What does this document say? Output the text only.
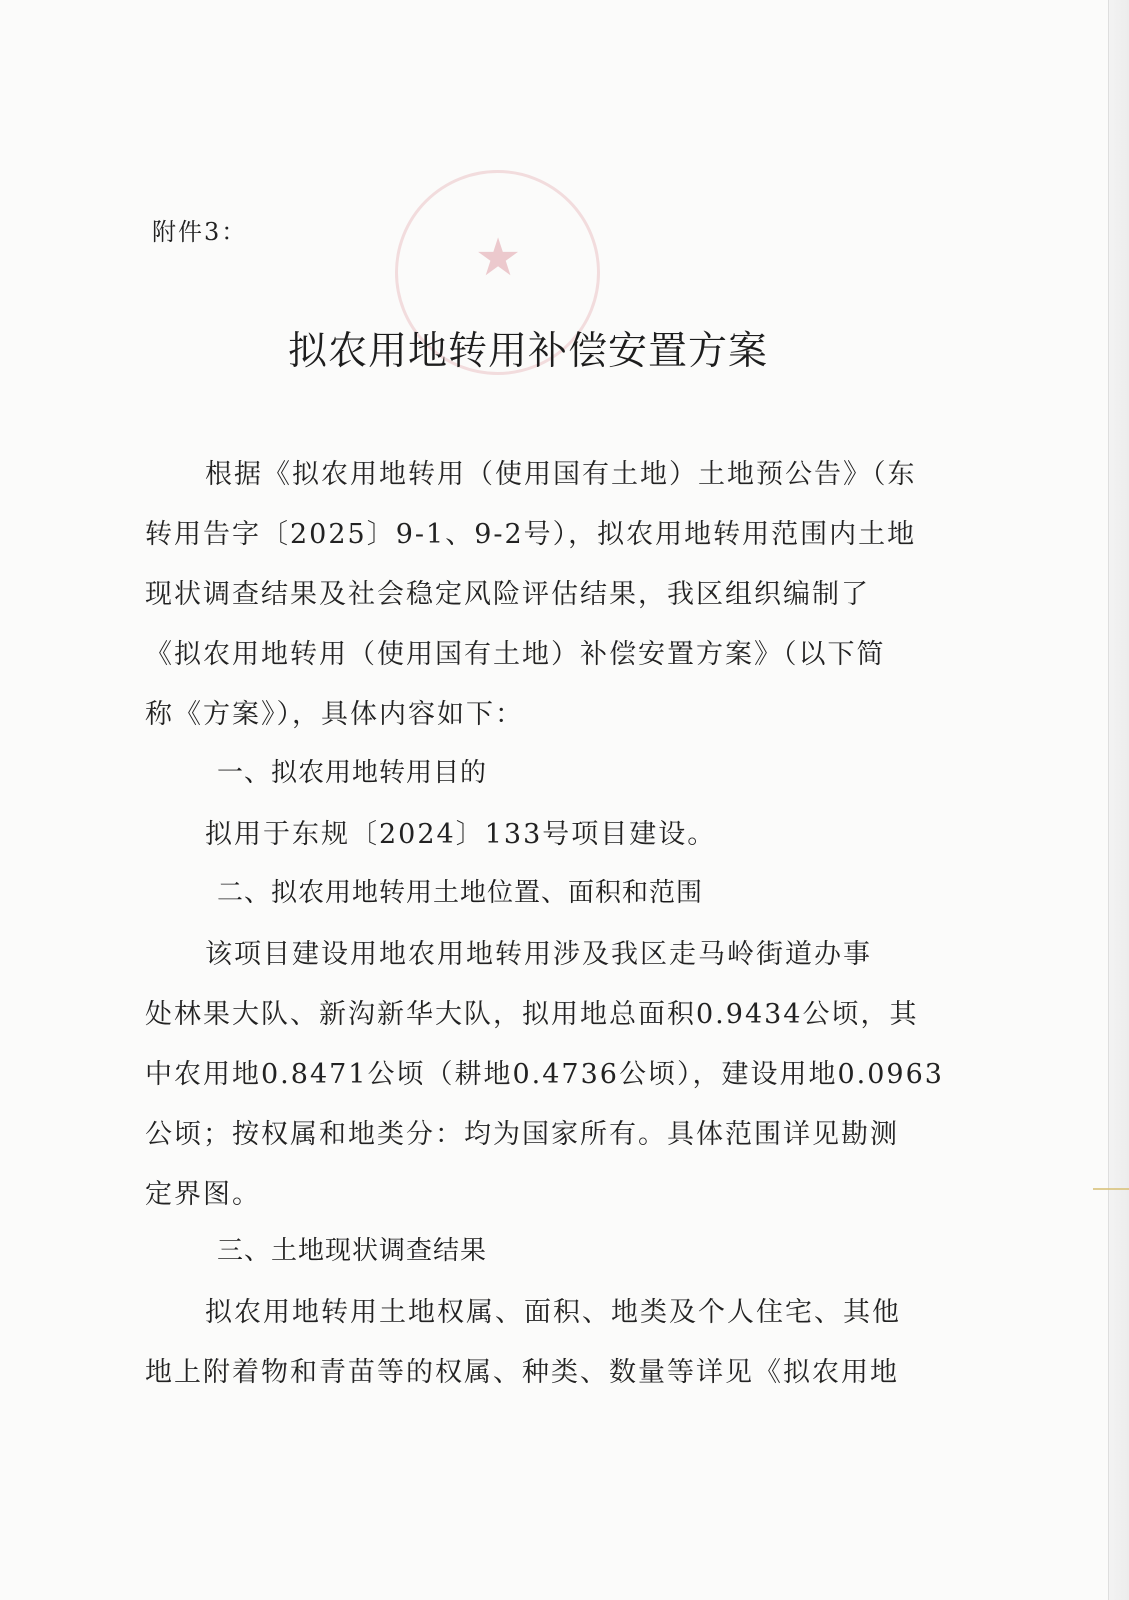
★
附件3：
拟农用地转用补偿安置方案
根据《拟农用地转用（使用国有土地）土地预公告》（东
转用告字〔2025〕9-1、9-2号），拟农用地转用范围内土地
现状调查结果及社会稳定风险评估结果，我区组织编制了
《拟农用地转用（使用国有土地）补偿安置方案》（以下简
称《方案》），具体内容如下：
一、拟农用地转用目的
拟用于东规〔2024〕133号项目建设。
二、拟农用地转用土地位置、面积和范围
该项目建设用地农用地转用涉及我区走马岭街道办事
处林果大队、新沟新华大队，拟用地总面积0.9434公顷，其
中农用地0.8471公顷（耕地0.4736公顷），建设用地0.0963
公顷；按权属和地类分：均为国家所有。具体范围详见勘测
定界图。
三、土地现状调查结果
拟农用地转用土地权属、面积、地类及个人住宅、其他
地上附着物和青苗等的权属、种类、数量等详见《拟农用地
